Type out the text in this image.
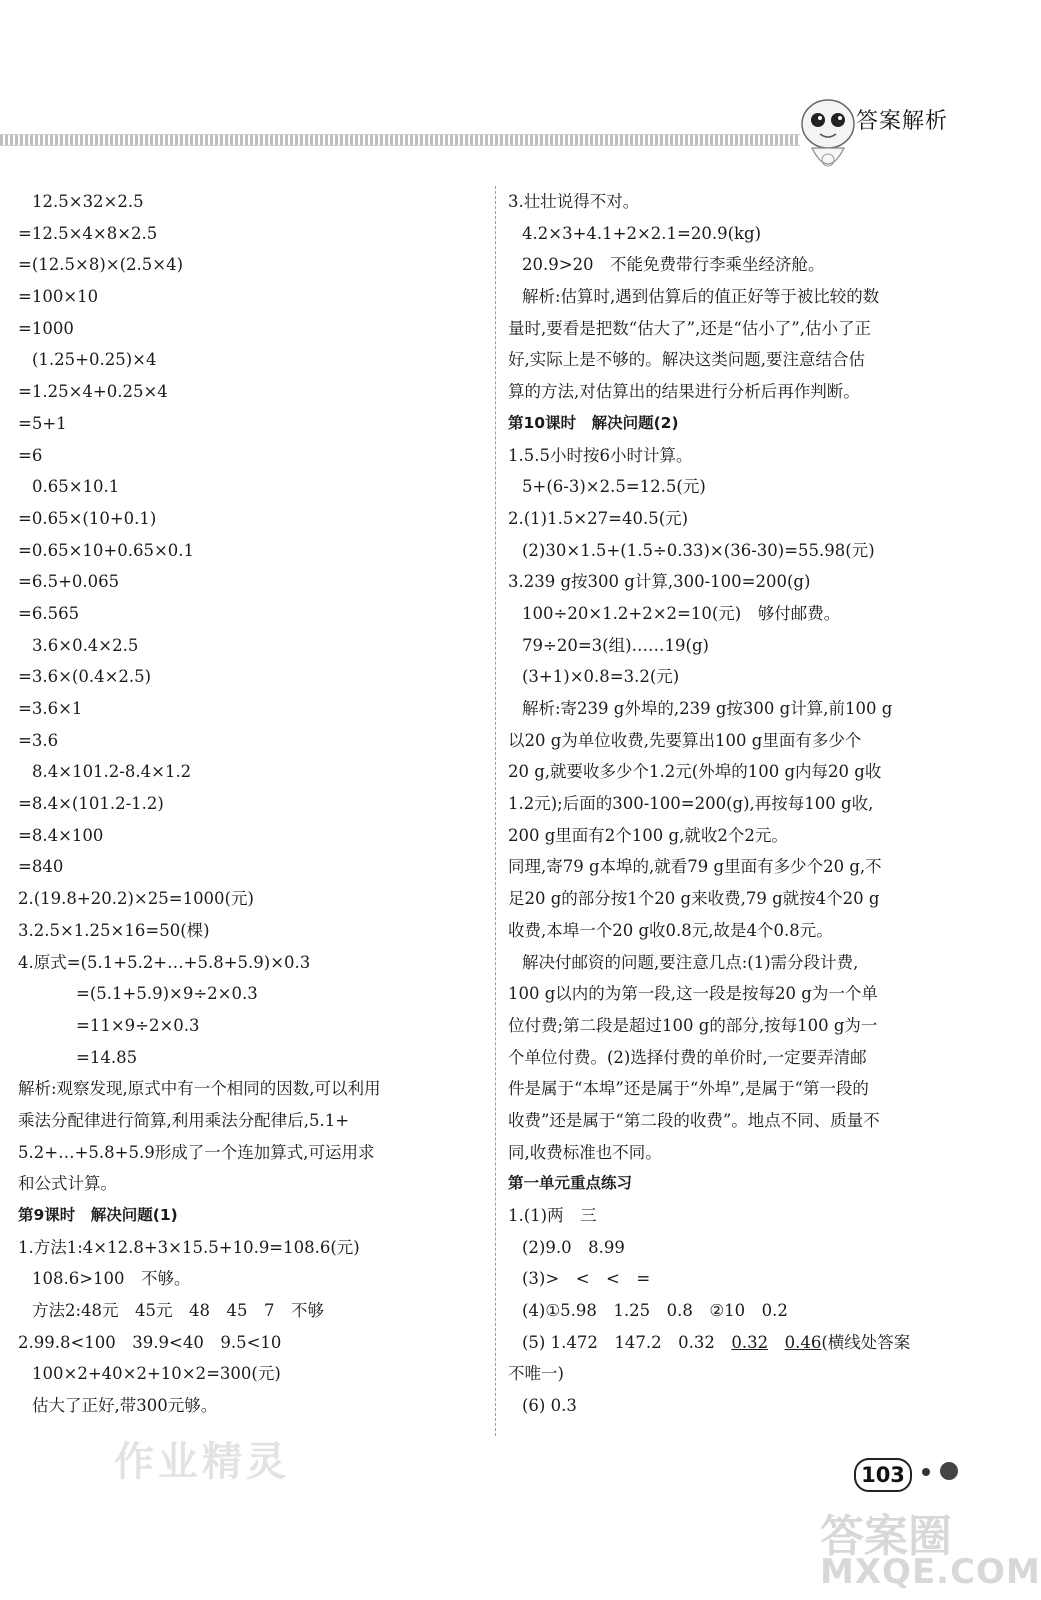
答案解析
12.5×32×2.5
=12.5×4×8×2.5
=(12.5×8)×(2.5×4)
=100×10
=1000
(1.25+0.25)×4
=1.25×4+0.25×4
=5+1
=6
0.65×10.1
=0.65×(10+0.1)
=0.65×10+0.65×0.1
=6.5+0.065
=6.565
3.6×0.4×2.5
=3.6×(0.4×2.5)
=3.6×1
=3.6
8.4×101.2-8.4×1.2
=8.4×(101.2-1.2)
=8.4×100
=840
2.(19.8+20.2)×25=1000(元)
3.2.5×1.25×16=50(棵)
4.原式=(5.1+5.2+…+5.8+5.9)×0.3
=(5.1+5.9)×9÷2×0.3
=11×9÷2×0.3
=14.85
解析:观察发现,原式中有一个相同的因数,可以利用
乘法分配律进行简算,利用乘法分配律后,5.1+
5.2+…+5.8+5.9形成了一个连加算式,可运用求
和公式计算。
第9课时　解决问题(1)
1.方法1:4×12.8+3×15.5+10.9=108.6(元)
108.6>100　不够。
方法2:48元　45元　48　45　7　不够
2.99.8<100　39.9<40　9.5<10
100×2+40×2+10×2=300(元)
估大了正好,带300元够。
3.壮壮说得不对。
4.2×3+4.1+2×2.1=20.9(kg)
20.9>20　不能免费带行李乘坐经济舱。
解析:估算时,遇到估算后的值正好等于被比较的数
量时,要看是把数“估大了”,还是“估小了”,估小了正
好,实际上是不够的。解决这类问题,要注意结合估
算的方法,对估算出的结果进行分析后再作判断。
第10课时　解决问题(2)
1.5.5小时按6小时计算。
5+(6-3)×2.5=12.5(元)
2.(1)1.5×27=40.5(元)
(2)30×1.5+(1.5÷0.33)×(36-30)=55.98(元)
3.239 g按300 g计算,300-100=200(g)
100÷20×1.2+2×2=10(元)　够付邮费。
79÷20=3(组)……19(g)
(3+1)×0.8=3.2(元)
解析:寄239 g外埠的,239 g按300 g计算,前100 g
以20 g为单位收费,先要算出100 g里面有多少个
20 g,就要收多少个1.2元(外埠的100 g内每20 g收
1.2元);后面的300-100=200(g),再按每100 g收,
200 g里面有2个100 g,就收2个2元。
同理,寄79 g本埠的,就看79 g里面有多少个20 g,不
足20 g的部分按1个20 g来收费,79 g就按4个20 g
收费,本埠一个20 g收0.8元,故是4个0.8元。
解决付邮资的问题,要注意几点:(1)需分段计费,
100 g以内的为第一段,这一段是按每20 g为一个单
位付费;第二段是超过100 g的部分,按每100 g为一
个单位付费。(2)选择付费的单价时,一定要弄清邮
件是属于“本埠”还是属于“外埠”,是属于“第一段的
收费”还是属于“第二段的收费”。地点不同、质量不
同,收费标准也不同。
第一单元重点练习
1.(1)两　三
(2)9.0　8.99
(3)>　<　<　=
(4)①5.98　1.25　0.8　②10　0.2
(5) 1.472　147.2　0.32　0.32　 0.46(横线处答案
不唯一)
(6) 0.3
作业精灵	103
答案圈
MXQE.COM
